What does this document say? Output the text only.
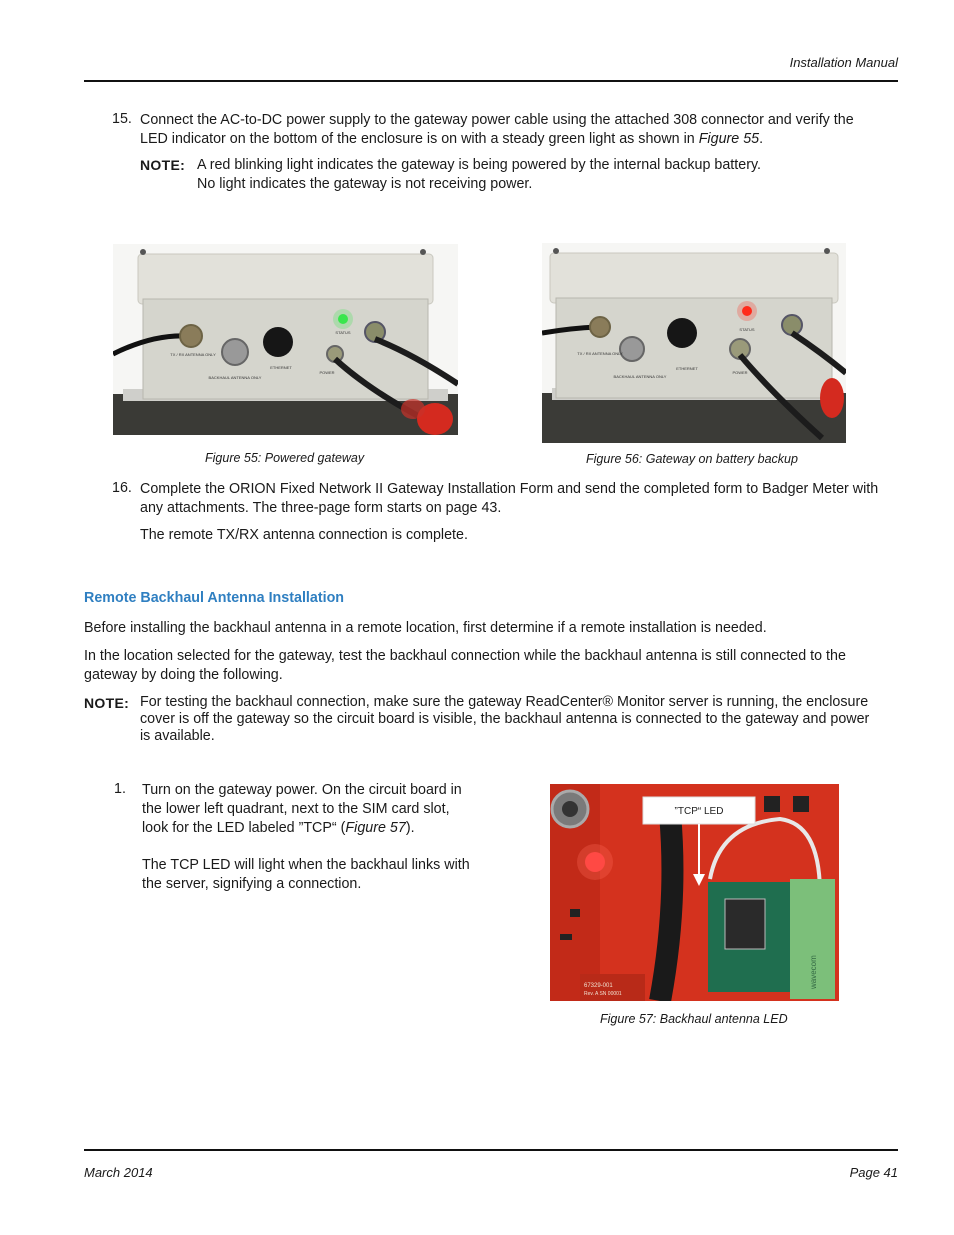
Installation Manual
15. Connect the AC-to-DC power supply to the gateway power cable using the attached 308 connector and verify the
LED indicator on the bottom of the enclosure is on with a steady green light as shown in Figure 55.
NOTE: A red blinking light indicates the gateway is being powered by the internal backup battery.
No light indicates the gateway is not receiving power.
STATUS
TX / RX ANTENNA ONLY
BACKHAUL ANTENNA ONLY
ETHERNET
POWER
Figure 55: Powered gateway
STATUS
TX / RX ANTENNA ONLY
BACKHAUL ANTENNA ONLY
ETHERNET
POWER
Figure 56: Gateway on battery backup
16. Complete the ORION Fixed Network II Gateway Installation Form and send the completed form to Badger Meter with
any attachments. The three-page form starts on page 43.
The remote TX/RX antenna connection is complete.
Remote Backhaul Antenna Installation
Before installing the backhaul antenna in a remote location, first determine if a remote installation is needed.
In the location selected for the gateway, test the backhaul connection while the backhaul antenna is still connected to the
gateway by doing the following.
NOTE: For testing the backhaul connection, make sure the gateway ReadCenter® Monitor server is running, the enclosure
cover is off the gateway so the circuit board is visible, the backhaul antenna is connected to the gateway and power
is available.
1. Turn on the gateway power. On the circuit board in
the lower left quadrant, next to the SIM card slot,
look for the LED labeled ”TCP“ (Figure 57).
The TCP LED will light when the backhaul links with
the server, signifying a connection.
67329-001
Rev. A SN 00001
wavecom
”TCP“ LED
Figure 57: Backhaul antenna LED
March 2014	Page 41
